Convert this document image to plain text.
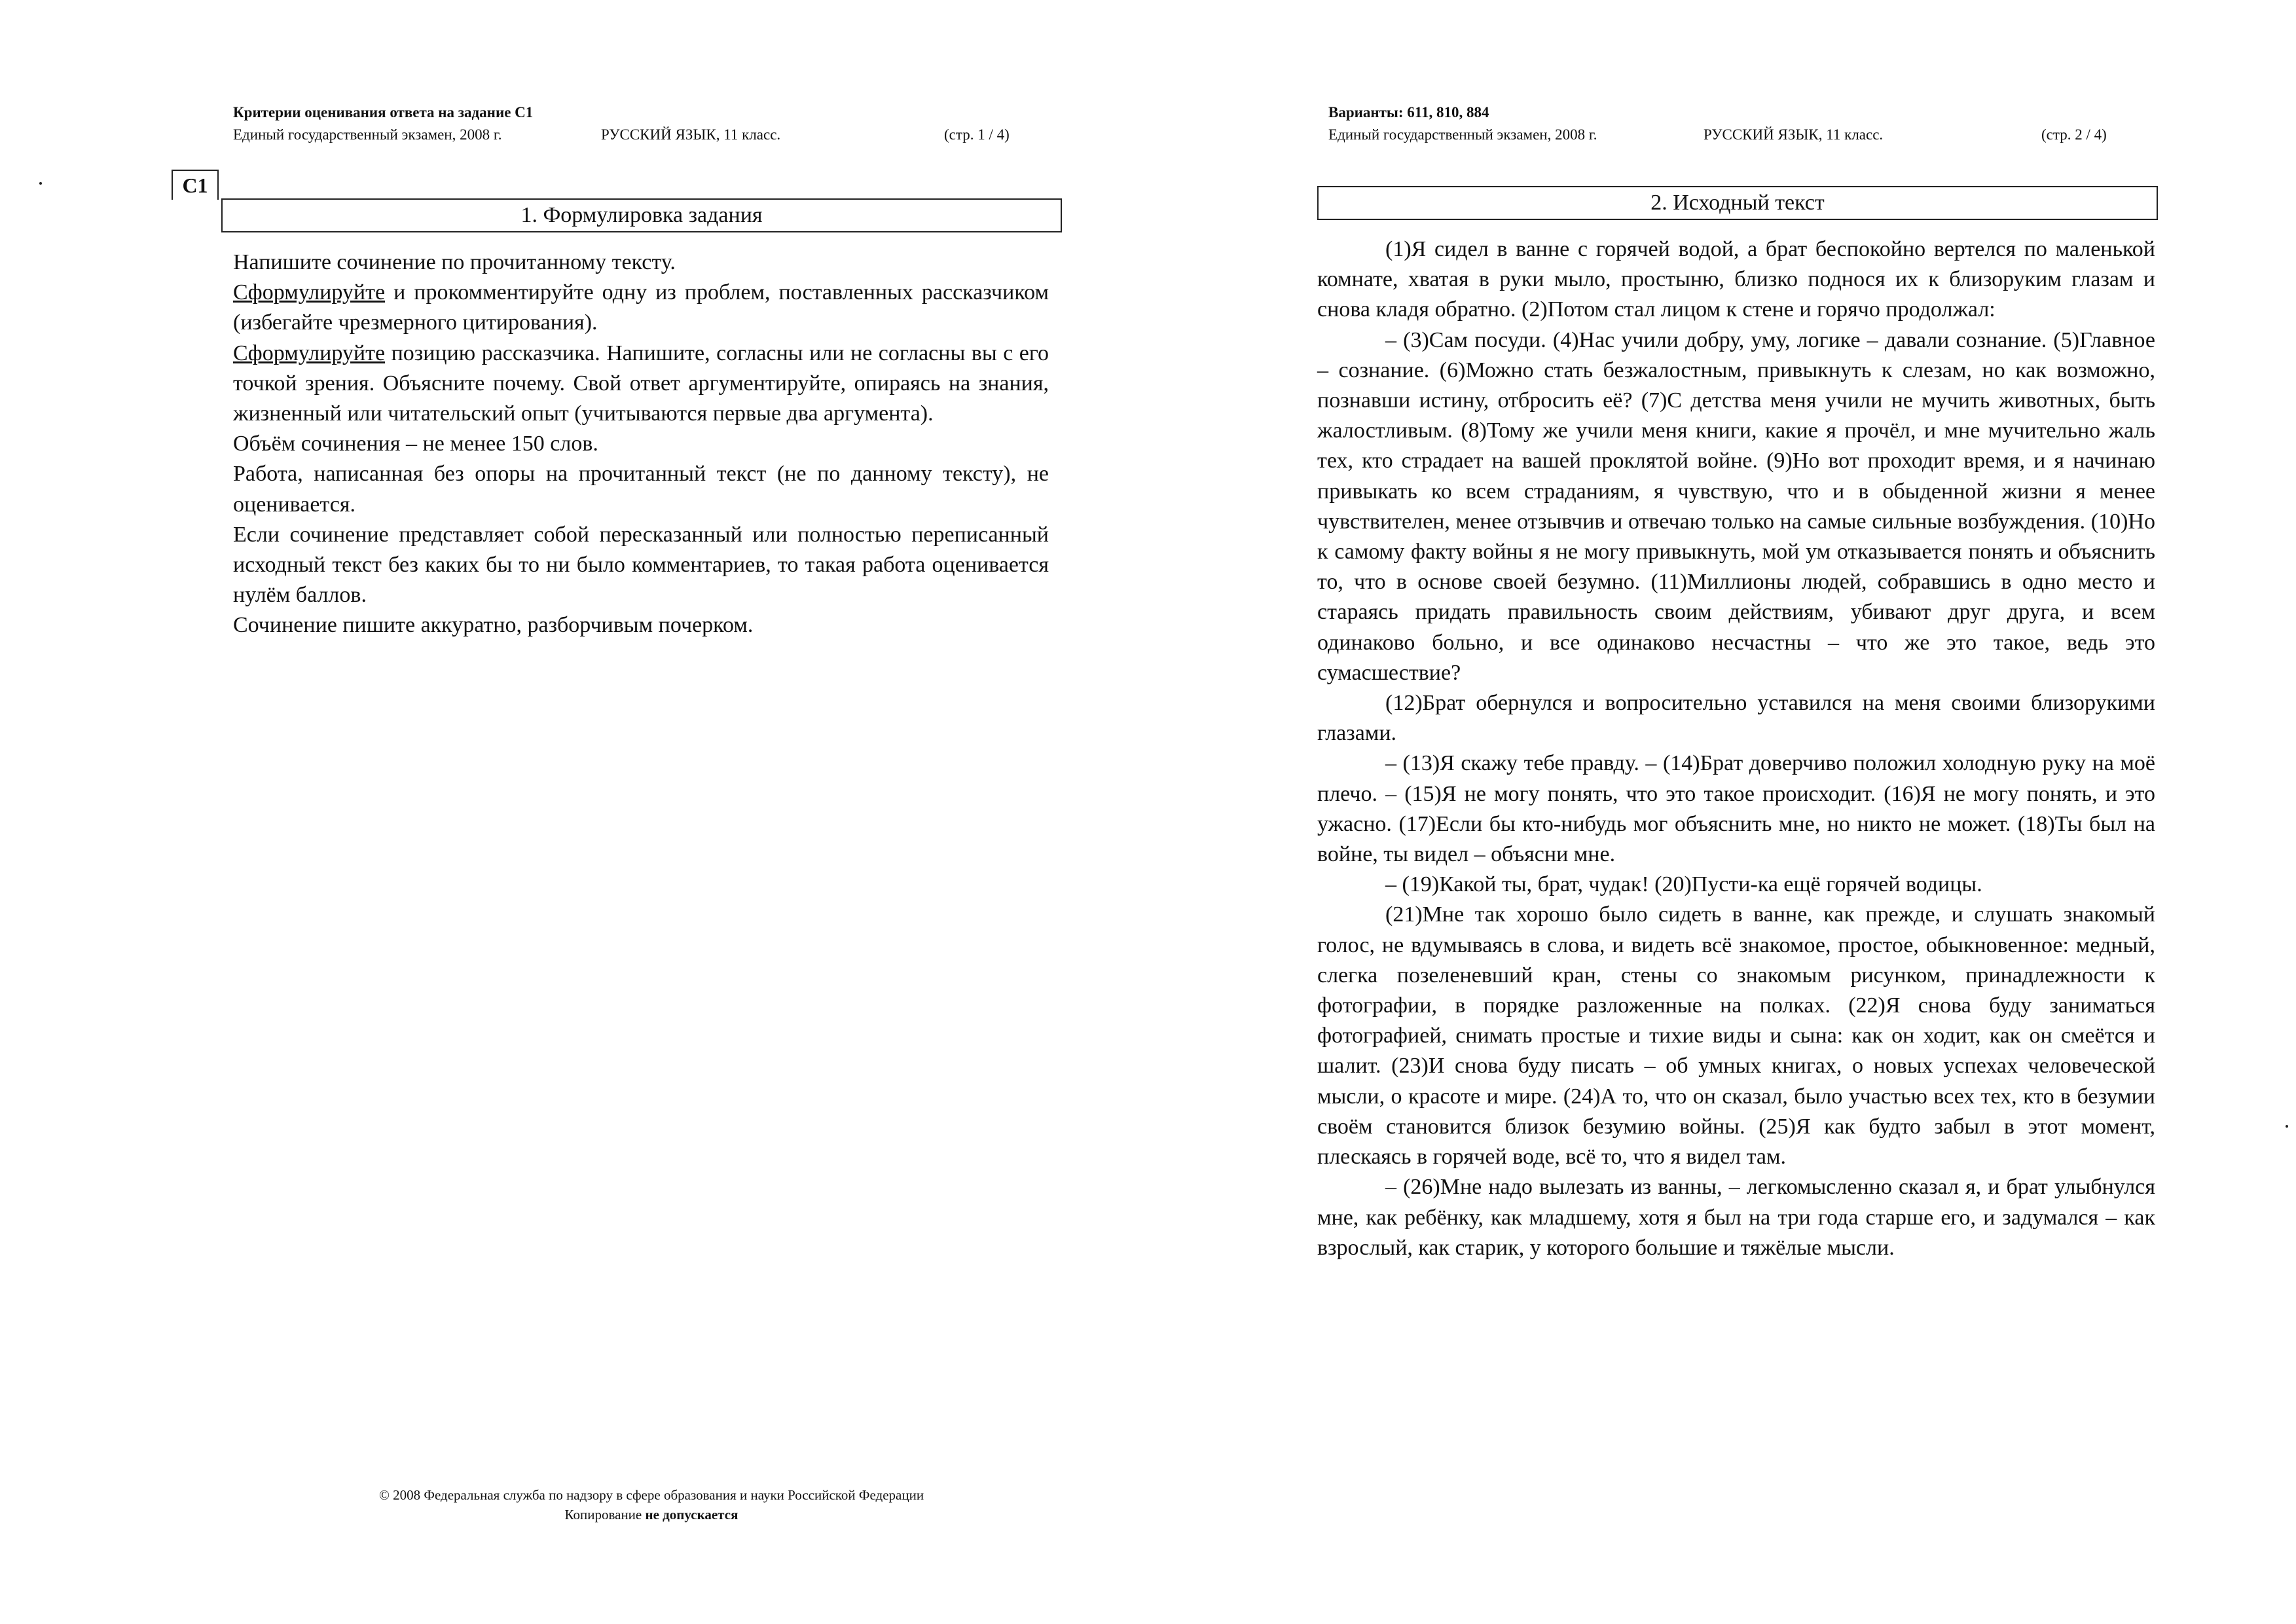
Критерии оценивания ответа на задание С1
Единый государственный экзамен, 2008 г.	РУССКИЙ ЯЗЫК, 11 класс.	(стр. 1 / 4)
С1
1. Формулировка задания

Напишите сочинение по прочитанному тексту.

Сформулируйте и прокомментируйте одну из проблем, поставленных рассказчиком (избегайте чрезмерного цитирования).

Сформулируйте позицию рассказчика. Напишите, согласны или не согласны вы с его точкой зрения. Объясните почему. Свой ответ аргументируйте, опираясь на знания, жизненный или читательский опыт (учитываются первые два аргумента).

Объём сочинения – не менее 150 слов.

Работа, написанная без опоры на прочитанный текст (не по данному тексту), не оценивается.

Если сочинение представляет собой пересказанный или полностью переписанный исходный текст без каких бы то ни было комментариев, то такая работа оценивается нулём баллов.

Сочинение пишите аккуратно, разборчивым почерком.

© 2008 Федеральная служба по надзору в сфере образования и науки Российской Федерации
Копирование не допускается
Варианты: 611, 810, 884
Единый государственный экзамен, 2008 г.	РУССКИЙ ЯЗЫК, 11 класс.	(стр. 2 / 4)
2. Исходный текст

(1)Я сидел в ванне с горячей водой, а брат беспокойно вертелся по маленькой комнате, хватая в руки мыло, простыню, близко поднося их к близоруким глазам и снова кладя обратно. (2)Потом стал лицом к стене и горячо продолжал:

– (3)Сам посуди. (4)Нас учили добру, уму, логике – давали сознание. (5)Главное – сознание. (6)Можно стать безжалостным, привыкнуть к слезам, но как возможно, познавши истину, отбросить её? (7)С детства меня учили не мучить животных, быть жалостливым. (8)Тому же учили меня книги, какие я прочёл, и мне мучительно жаль тех, кто страдает на вашей проклятой войне. (9)Но вот проходит время, и я начинаю привыкать ко всем страданиям, я чувствую, что и в обыденной жизни я менее чувствителен, менее отзывчив и отвечаю только на самые сильные возбуждения. (10)Но к самому факту войны я не могу привыкнуть, мой ум отказывается понять и объяснить то, что в основе своей безумно. (11)Миллионы людей, собравшись в одно место и стараясь придать правильность своим действиям, убивают друг друга, и всем одинаково больно, и все одинаково несчастны – что же это такое, ведь это сумасшествие?

(12)Брат обернулся и вопросительно уставился на меня своими близорукими глазами.

– (13)Я скажу тебе правду. – (14)Брат доверчиво положил холодную руку на моё плечо. – (15)Я не могу понять, что это такое происходит. (16)Я не могу понять, и это ужасно. (17)Если бы кто-нибудь мог объяснить мне, но никто не может. (18)Ты был на войне, ты видел – объясни мне.

– (19)Какой ты, брат, чудак! (20)Пусти-ка ещё горячей водицы.

(21)Мне так хорошо было сидеть в ванне, как прежде, и слушать знакомый голос, не вдумываясь в слова, и видеть всё знакомое, простое, обыкновенное: медный, слегка позеленевший кран, стены со знакомым рисунком, принадлежности к фотографии, в порядке разложенные на полках. (22)Я снова буду заниматься фотографией, снимать простые и тихие виды и сына: как он ходит, как он смеётся и шалит. (23)И снова буду писать – об умных книгах, о новых успехах человеческой мысли, о красоте и мире. (24)А то, что он сказал, было участью всех тех, кто в безумии своём становится близок безумию войны. (25)Я как будто забыл в этот момент, плескаясь в горячей воде, всё то, что я видел там.

– (26)Мне надо вылезать из ванны, – легкомысленно сказал я, и брат улыбнулся мне, как ребёнку, как младшему, хотя я был на три года старше его, и задумался – как взрослый, как старик, у которого большие и тяжёлые мысли.
